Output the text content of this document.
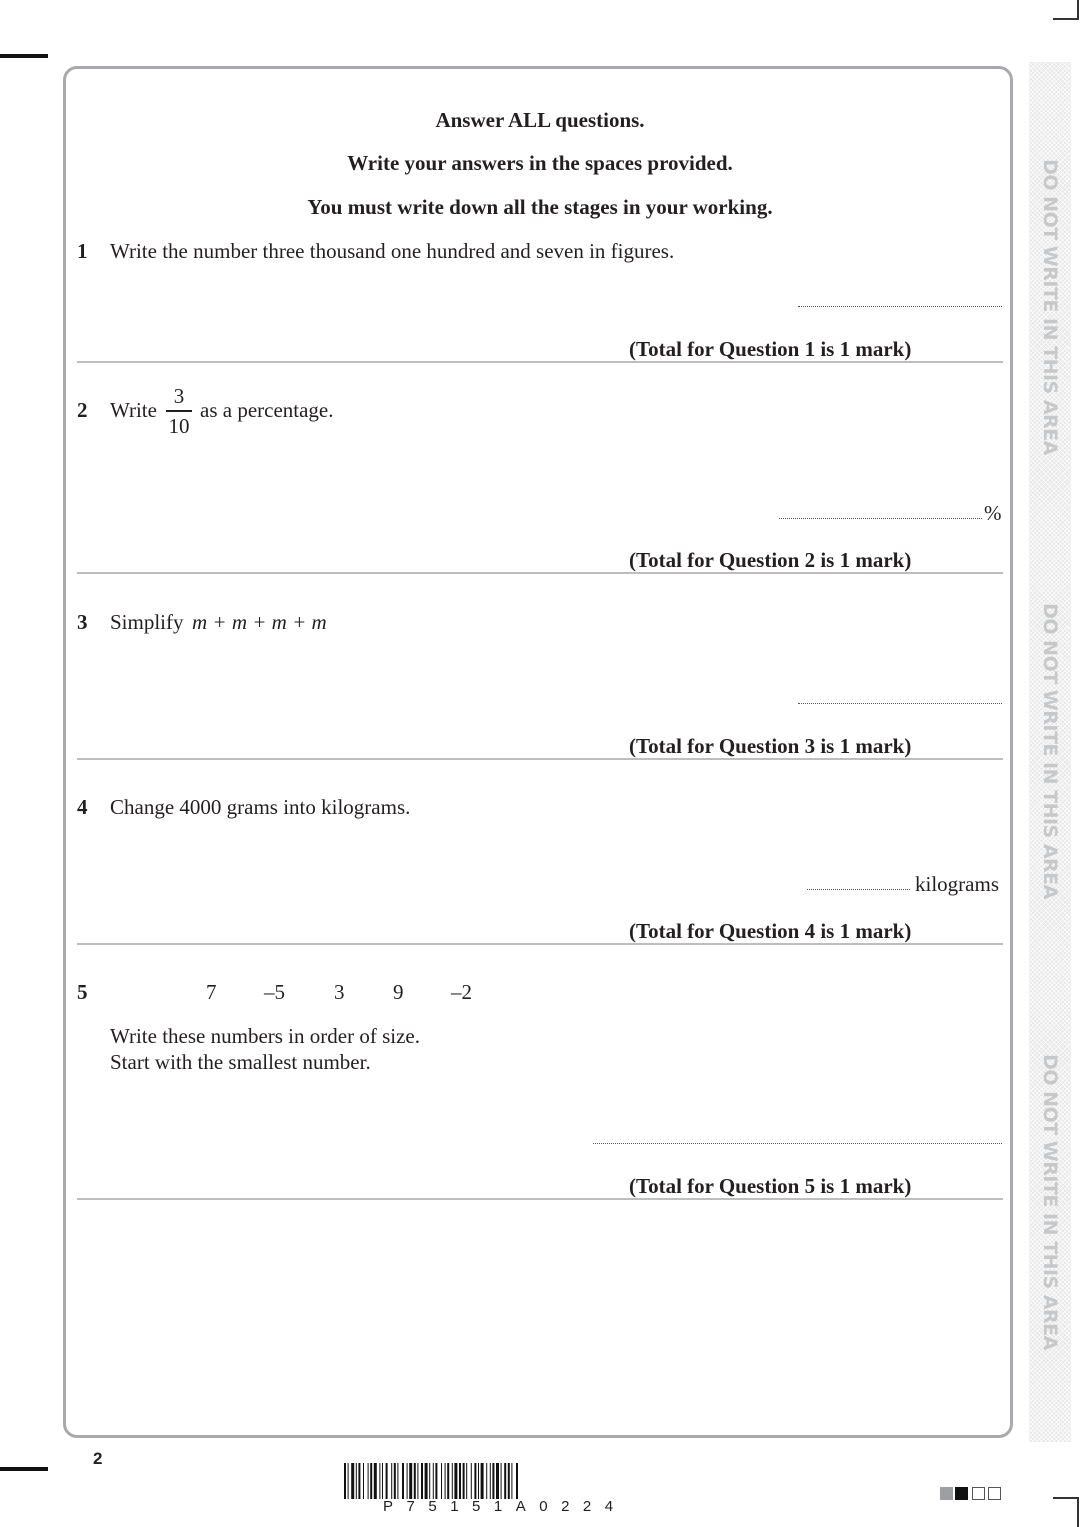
DO NOT WRITE IN THIS AREA
DO NOT WRITE IN THIS AREA
DO NOT WRITE IN THIS AREA
Answer ALL questions.
Write your answers in the spaces provided.
You must write down all the stages in your working.
1 Write the number three thousand one hundred and seven in figures.
(Total for Question 1 is 1 mark)
2 Write
3
10
as a percentage.
%
(Total for Question 2 is 1 mark)
3 Simplify m + m + m + m
(Total for Question 3 is 1 mark)
4 Change 4000 grams into kilograms.
kilograms
(Total for Question 4 is 1 mark)
5	7 –5 3 9 –2
Write these numbers in order of size.
Start with the smallest number.
(Total for Question 5 is 1 mark)
2
P75151A0224
